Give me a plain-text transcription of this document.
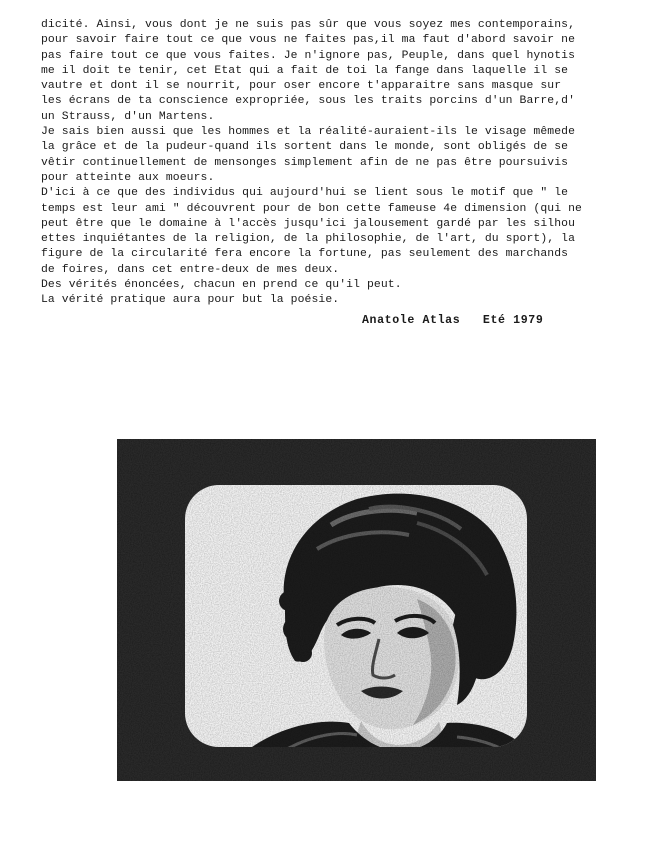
dicité. Ainsi, vous dont je ne suis pas sûr que vous soyez mes contemporains,
pour savoir faire tout ce que vous ne faites pas,il ma faut d'abord savoir ne
pas faire tout ce que vous faites. Je n'ignore pas, Peuple, dans quel hynotis
me il doit te tenir, cet Etat qui a fait de toi la fange dans laquelle il se
vautre et dont il se nourrit, pour oser encore t'apparaitre sans masque sur
les écrans de ta conscience expropriée, sous les traits porcins d'un Barre,d'
un Strauss, d'un Martens.
Je sais bien aussi que les hommes et la réalité-auraient-ils le visage mêmede
la grâce et de la pudeur-quand ils sortent dans le monde, sont obligés de se
vêtir continuellement de mensonges simplement afin de ne pas être poursuivis
pour atteinte aux moeurs.
D'ici à ce que des individus qui aujourd'hui se lient sous le motif que " le
temps est leur ami " découvrent pour de bon cette fameuse 4e dimension (qui ne
peut être que le domaine à l'accès jusqu'ici jalousement gardé par les silhou
ettes inquiétantes de la religion, de la philosophie, de l'art, du sport), la
figure de la circularité fera encore la fortune, pas seulement des marchands
de foires, dans cet entre-deux de mes deux.
Des vérités énoncées, chacun en prend ce qu'il peut.
La vérité pratique aura pour but la poésie.
Anatole Atlas   Eté 1979
